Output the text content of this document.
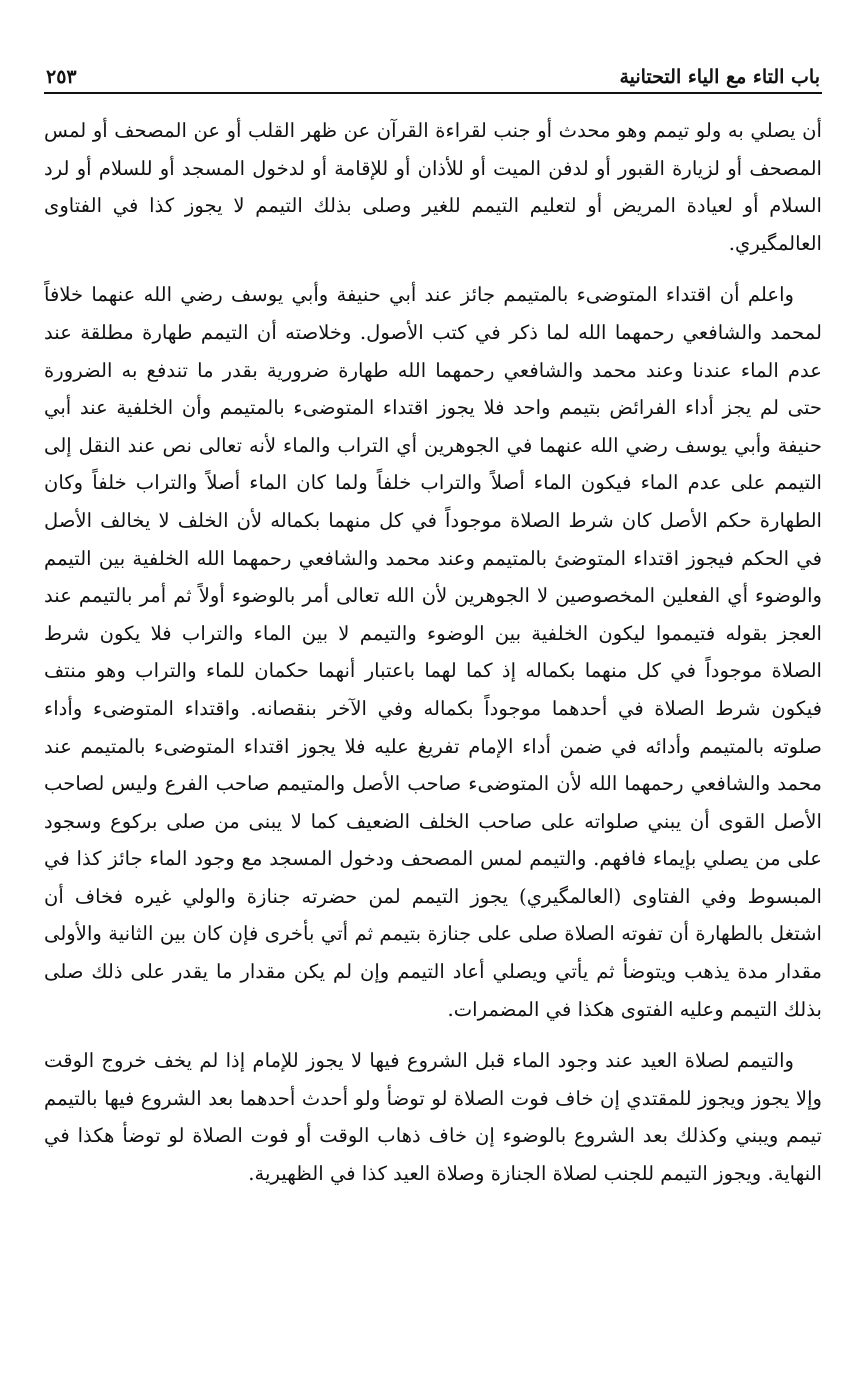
باب التاء مع الياء التحتانية
٢٥٣

أن يصلي به ولو تيمم وهو محدث أو جنب لقراءة القرآن عن ظهر القلب أو عن المصحف أو لمس المصحف أو لزيارة القبور أو لدفن الميت أو للأذان أو للإقامة أو لدخول المسجد أو للسلام أو لرد السلام أو لعيادة المريض أو لتعليم التيمم للغير وصلى بذلك التيمم لا يجوز كذا في الفتاوى العالمگيري.

واعلم أن اقتداء المتوضىء بالمتيمم جائز عند أبي حنيفة وأبي يوسف رضي الله عنهما خلافاً لمحمد والشافعي رحمهما الله لما ذكر في كتب الأصول. وخلاصته أن التيمم طهارة مطلقة عند عدم الماء عندنا وعند محمد والشافعي رحمهما الله طهارة ضرورية بقدر ما تندفع به الضرورة حتى لم يجز أداء الفرائض بتيمم واحد فلا يجوز اقتداء المتوضىء بالمتيمم وأن الخلفية عند أبي حنيفة وأبي يوسف رضي الله عنهما في الجوهرين أي التراب والماء لأنه تعالى نص عند النقل إلى التيمم على عدم الماء فيكون الماء أصلاً والتراب خلفاً ولما كان الماء أصلاً والتراب خلفاً وكان الطهارة حكم الأصل كان شرط الصلاة موجوداً في كل منهما بكماله لأن الخلف لا يخالف الأصل في الحكم فيجوز اقتداء المتوضئ بالمتيمم وعند محمد والشافعي رحمهما الله الخلفية بين التيمم والوضوء أي الفعلين المخصوصين لا الجوهرين لأن الله تعالى أمر بالوضوء أولاً ثم أمر بالتيمم عند العجز بقوله فتيمموا ليكون الخلفية بين الوضوء والتيمم لا بين الماء والتراب فلا يكون شرط الصلاة موجوداً في كل منهما بكماله إذ كما لهما باعتبار أنهما حكمان للماء والتراب وهو منتف فيكون شرط الصلاة في أحدهما موجوداً بكماله وفي الآخر بنقصانه. واقتداء المتوضىء وأداء صلوته بالمتيمم وأدائه في ضمن أداء الإمام تفريغ عليه فلا يجوز اقتداء المتوضىء بالمتيمم عند محمد والشافعي رحمهما الله لأن المتوضىء صاحب الأصل والمتيمم صاحب الفرع وليس لصاحب الأصل القوى أن يبني صلواته على صاحب الخلف الضعيف كما لا يبنى من صلى بركوع وسجود على من يصلي بإيماء فافهم. والتيمم لمس المصحف ودخول المسجد مع وجود الماء جائز كذا في المبسوط وفي الفتاوى (العالمگيري) يجوز التيمم لمن حضرته جنازة والولي غيره فخاف أن اشتغل بالطهارة أن تفوته الصلاة صلى على جنازة بتيمم ثم أتي بأخرى فإن كان بين الثانية والأولى مقدار مدة يذهب ويتوضأ ثم يأتي ويصلي أعاد التيمم وإن لم يكن مقدار ما يقدر على ذلك صلى بذلك التيمم وعليه الفتوى هكذا في المضمرات.

والتيمم لصلاة العيد عند وجود الماء قبل الشروع فيها لا يجوز للإمام إذا لم يخف خروج الوقت وإلا يجوز ويجوز للمقتدي إن خاف فوت الصلاة لو توضأ ولو أحدث أحدهما بعد الشروع فيها بالتيمم تيمم ويبني وكذلك بعد الشروع بالوضوء إن خاف ذهاب الوقت أو فوت الصلاة لو توضأ هكذا في النهاية. ويجوز التيمم للجنب لصلاة الجنازة وصلاة العيد كذا في الظهيرية.
